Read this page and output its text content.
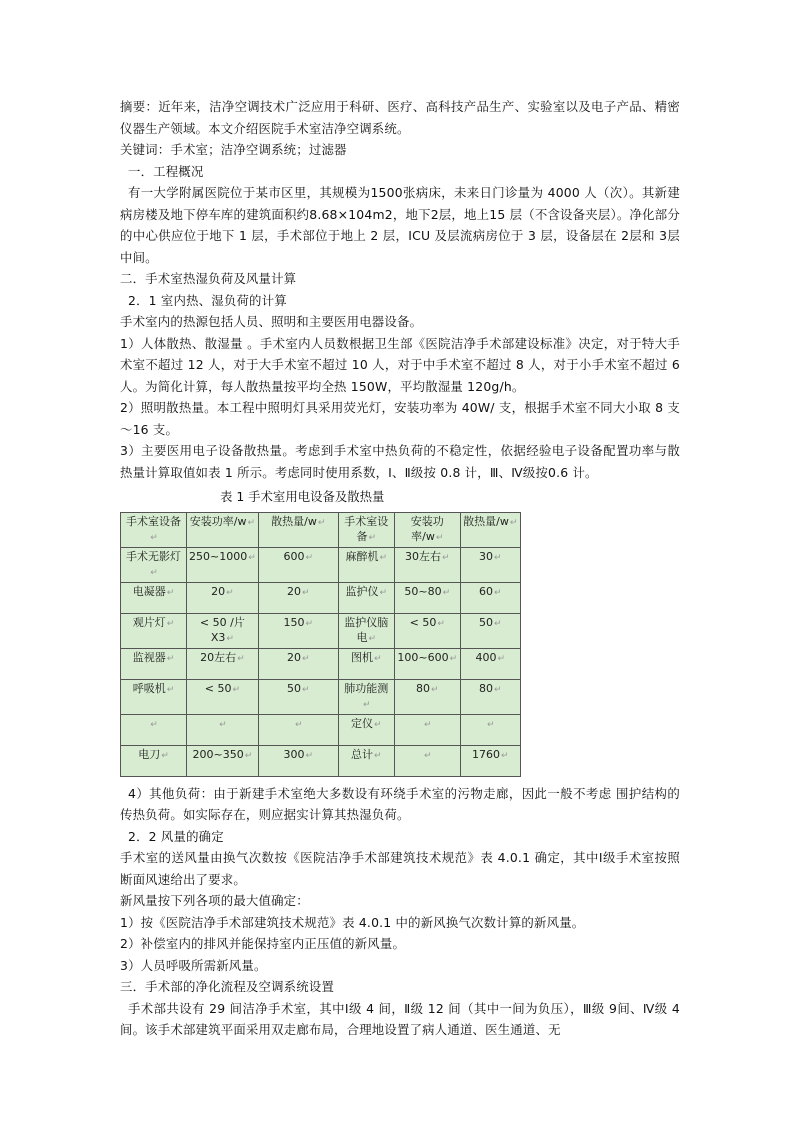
摘要：近年来，洁净空调技术广泛应用于科研、医疗、高科技产品生产、实验室以及电子产品、精密仪器生产领域。本文介绍医院手术室洁净空调系统。

关键词：手术室；洁净空调系统；过滤器

一．工程概况

有一大学附属医院位于某市区里，其规模为1500张病床，未来日门诊量为 4000 人（次）。其新建病房楼及地下停车库的建筑面积约8.68×104m2，地下2层，地上15 层（不含设备夹层）。净化部分的中心供应位于地下 1 层，手术部位于地上 2 层，ICU 及层流病房位于 3 层，设备层在 2层和 3层中间。

二．手术室热湿负荷及风量计算

2．1 室内热、湿负荷的计算

手术室内的热源包括人员、照明和主要医用电器设备。

1）人体散热、散湿量 。手术室内人员数根据卫生部《医院洁净手术部建设标准》决定，对于特大手术室不超过 12 人，对于大手术室不超过 10 人，对于中手术室不超过 8 人，对于小手术室不超过 6 人。为简化计算，每人散热量按平均全热 150W，平均散湿量 120g/h。

2）照明散热量。本工程中照明灯具采用荧光灯，安装功率为 40W/ 支，根据手术室不同大小取 8 支～16 支。

3）主要医用电子设备散热量。考虑到手术室中热负荷的不稳定性，依据经验电子设备配置功率与散热量计算取值如表 1 所示。考虑同时使用系数，Ⅰ、Ⅱ级按 0.8 计，Ⅲ、Ⅳ级按0.6 计。

表 1 手术室用电设备及散热量
手术室设备↵	安装功率/w↵	散热量/w↵	手术室设备↵	安装功率/w↵	散热量/w↵
手术无影灯↵	250~1000↵	600↵	麻醉机↵	30左右↵	30↵
电凝器↵	20↵	20↵	监护仪↵	50~80↵	60↵
观片灯↵	< 50 /片X3↵	150↵	监护仪脑电↵	< 50↵	50↵
监视器↵	20左右↵	20↵	图机↵	100~600↵	400↵
呼吸机↵	< 50↵	50↵	肺功能测↵	80↵	80↵
↵	↵	↵	定仪↵	↵	↵
电刀↵	200~350↵	300↵	总计↵	↵	1760↵

4）其他负荷：由于新建手术室绝大多数设有环绕手术室的污物走廊，因此一般不考虑 围护结构的传热负荷。如实际存在，则应据实计算其热湿负荷。

2．2 风量的确定

手术室的送风量由换气次数按《医院洁净手术部建筑技术规范》表 4.0.1 确定，其中Ⅰ级手术室按照断面风速给出了要求。

新风量按下列各项的最大值确定：

1）按《医院洁净手术部建筑技术规范》表 4.0.1 中的新风换气次数计算的新风量。

2）补偿室内的排风并能保持室内正压值的新风量。

3）人员呼吸所需新风量。

三．手术部的净化流程及空调系统设置

手术部共设有 29 间洁净手术室，其中Ⅰ级 4 间，Ⅱ级 12 间（其中一间为负压），Ⅲ级 9间、Ⅳ级 4 间。该手术部建筑平面采用双走廊布局，合理地设置了病人通道、医生通道、无
